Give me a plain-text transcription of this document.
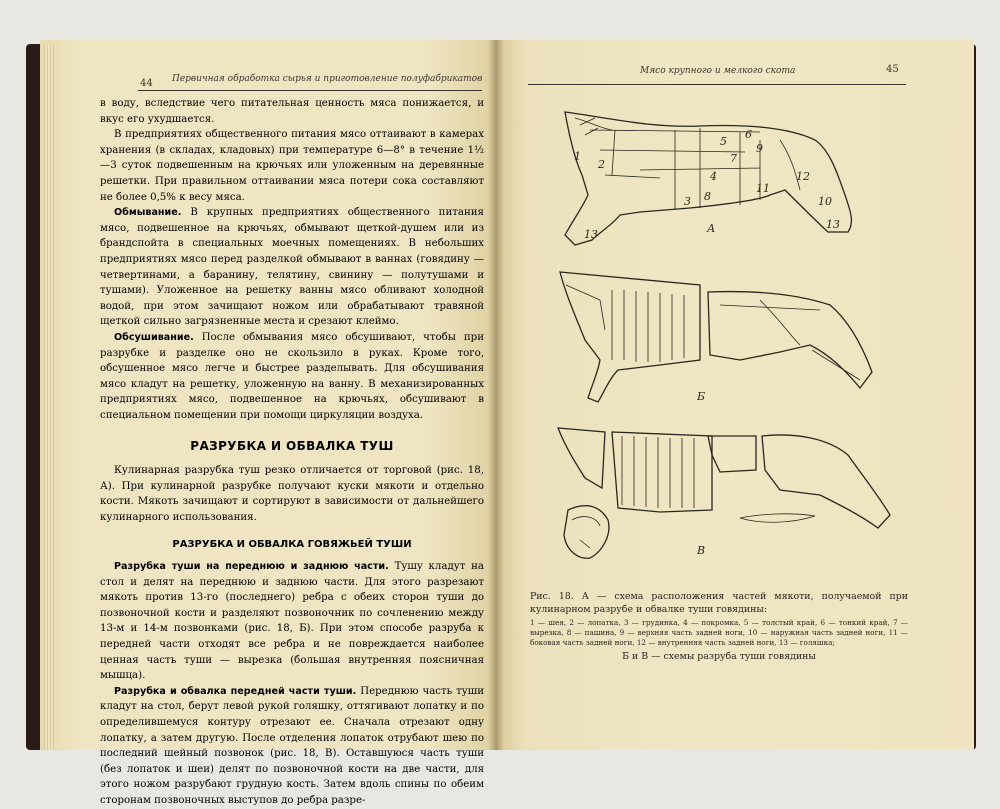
44 Первичная обработка сырья и приготовление полуфабрикатов

в воду, вследствие чего питательная ценность мяса понижается, и вкус его ухудшается.

В предприятиях общественного питания мясо оттаивают в камерах хранения (в складах, кладовых) при температуре 6—8° в течение 1½—3 суток подвешенным на крючьях или уложенным на деревянные решетки. При правильном оттаивании мяса потери сока составляют не более 0,5% к весу мяса.

Обмывание. В крупных предприятиях общественного питания мясо, подвешенное на крючьях, обмывают щеткой-душем или из брандспойта в специальных моечных помещениях. В небольших предприятиях мясо перед разделкой обмывают в ваннах (говядину — четвертинами, а баранину, телятину, свинину — полутушами и тушами). Уложенное на решетку ванны мясо обливают холодной водой, при этом зачищают ножом или обрабатывают травяной щеткой сильно загрязненные места и срезают клеймо.

Обсушивание. После обмывания мясо обсушивают, чтобы при разрубке и разделке оно не скользило в руках. Кроме того, обсушенное мясо легче и быстрее разделывать. Для обсушивания мясо кладут на решетку, уложенную на ванну. В механизированных предприятиях мясо, подвешенное на крючьях, обсушивают в специальном помещении при помощи циркуляции воздуха.

РАЗРУБКА И ОБВАЛКА ТУШ

Кулинарная разрубка туш резко отличается от торговой (рис. 18, А). При кулинарной разрубке получают куски мякоти и отдельно кости. Мякоть зачищают и сортируют в зависимости от дальнейшего кулинарного использования.

РАЗРУБКА И ОБВАЛКА ГОВЯЖЬЕЙ ТУШИ

Разрубка туши на переднюю и заднюю части. Тушу кладут на стол и делят на переднюю и заднюю части. Для этого разрезают мякоть против 13-го (последнего) ребра с обеих сторон туши до позвоночной кости и разделяют позвоночник по сочленению между 13-м и 14-м позвонками (рис. 18, Б). При этом способе разруба к передней части отходят все ребра и не повреждается наиболее ценная часть туши — вырезка (большая внутренняя поясничная мышца).

Разрубка и обвалка передней части туши. Переднюю часть туши кладут на стол, берут левой рукой голяшку, оттягивают лопатку и по определившемуся контуру отрезают ее. Сначала отрезают одну лопатку, а затем другую. После отделения лопаток отрубают шею по последний шейный позвонок (рис. 18, В). Оставшуюся часть туши (без лопаток и шеи) делят по позвоночной кости на две части, для этого ножом разрубают грудную кость. Затем вдоль спины по обеим сторонам позвоночных выступов до ребра разре-

Мясо крупного и мелкого скота	45
1
2
3
4
5
6
7
8
9
10
11
12
13
13
А
Б
В
Рис. 18. А — схема расположения частей мякоти, получаемой при кулинарном разрубе и обвалке туши говядины:
1 — шея, 2 — лопатка, 3 — грудинка, 4 — покромка, 5 — толстый край, 6 — тонкий край, 7 — вырезка, 8 — пашина, 9 — верхняя часть задней ноги, 10 — наружная часть задней ноги, 11 — боковая часть задней ноги, 12 — внутренняя часть задней ноги, 13 — голяшка;
Б и В — схемы разруба туши говядины
